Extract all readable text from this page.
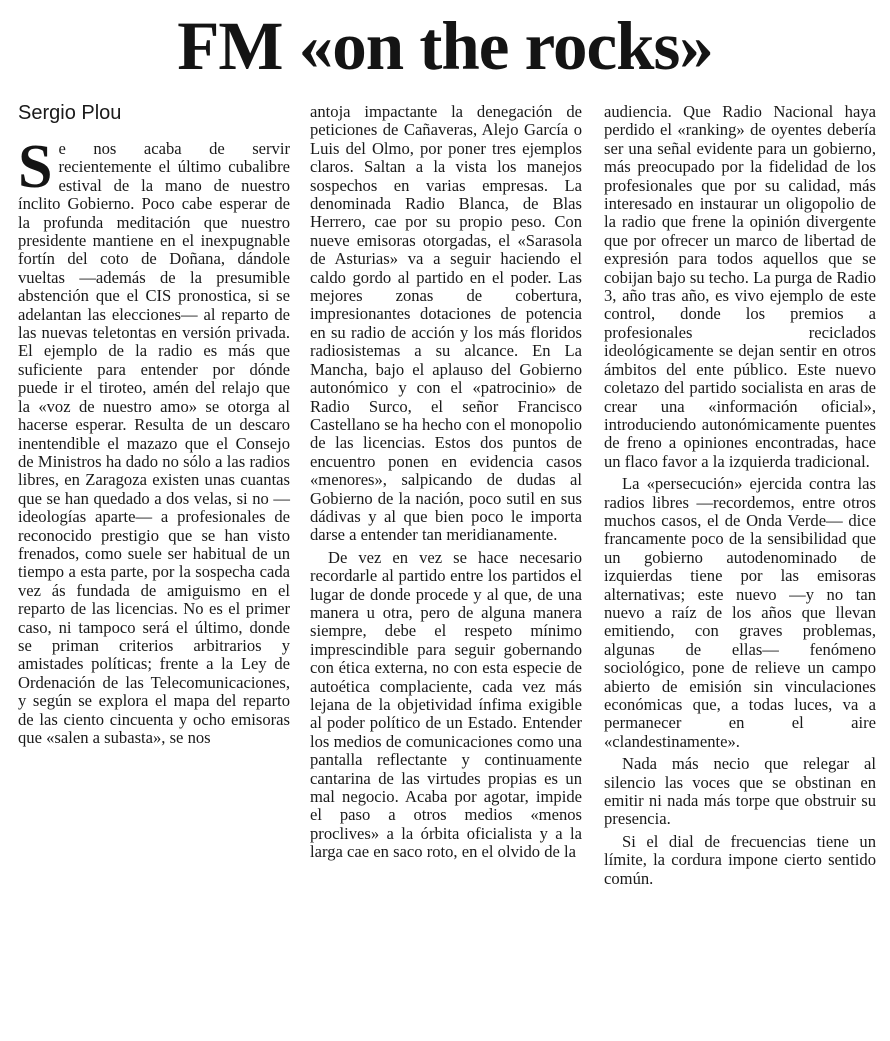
FM «on the rocks»
Sergio Plou

Se nos acaba de servir recientemente el último cubalibre estival de la mano de nuestro ínclito Gobierno. Poco cabe esperar de la profunda meditación que nuestro presidente mantiene en el inexpugnable fortín del coto de Doñana, dándole vueltas —además de la presumible abstención que el CIS pronostica, si se adelantan las elecciones— al reparto de las nuevas teletontas en versión privada. El ejemplo de la radio es más que suficiente para entender por dónde puede ir el tiroteo, amén del relajo que la «voz de nuestro amo» se otorga al hacerse esperar. Resulta de un descaro inentendible el mazazo que el Consejo de Ministros ha dado no sólo a las radios libres, en Zaragoza existen unas cuantas que se han quedado a dos velas, si no —ideologías aparte— a profesionales de reconocido prestigio que se han visto frenados, como suele ser habitual de un tiempo a esta parte, por la sospecha cada vez ás fundada de amiguismo en el reparto de las licencias. No es el primer caso, ni tampoco será el último, donde se priman criterios arbitrarios y amistades políticas; frente a la Ley de Ordenación de las Telecomunicaciones, y según se explora el mapa del reparto de las ciento cincuenta y ocho emisoras que «salen a subasta», se nos

antoja impactante la denegación de peticiones de Cañaveras, Alejo García o Luis del Olmo, por poner tres ejemplos claros. Saltan a la vista los manejos sospechos en varias empresas. La denominada Radio Blanca, de Blas Herrero, cae por su propio peso. Con nueve emisoras otorgadas, el «Sarasola de Asturias» va a seguir haciendo el caldo gordo al partido en el poder. Las mejores zonas de cobertura, impresionantes dotaciones de potencia en su radio de acción y los más floridos radiosistemas a su alcance. En La Mancha, bajo el aplauso del Gobierno autonómico y con el «patrocinio» de Radio Surco, el señor Francisco Castellano se ha hecho con el monopolio de las licencias. Estos dos puntos de encuentro ponen en evidencia casos «menores», salpicando de dudas al Gobierno de la nación, poco sutil en sus dádivas y al que bien poco le importa darse a entender tan meridianamente.

De vez en vez se hace necesario recordarle al partido entre los partidos el lugar de donde procede y al que, de una manera u otra, pero de alguna manera siempre, debe el respeto mínimo imprescindible para seguir gobernando con ética externa, no con esta especie de autoética complaciente, cada vez más lejana de la objetividad ínfima exigible al poder político de un Estado. Entender los medios de comunicaciones como una pantalla reflectante y continuamente cantarina de las virtudes propias es un mal negocio. Acaba por agotar, impide el paso a otros medios «menos proclives» a la órbita oficialista y a la larga cae en saco roto, en el olvido de la

audiencia. Que Radio Nacional haya perdido el «ranking» de oyentes debería ser una señal evidente para un gobierno, más preocupado por la fidelidad de los profesionales que por su calidad, más interesado en instaurar un oligopolio de la radio que frene la opinión divergente que por ofrecer un marco de libertad de expresión para todos aquellos que se cobijan bajo su techo. La purga de Radio 3, año tras año, es vivo ejemplo de este control, donde los premios a profesionales reciclados ideológicamente se dejan sentir en otros ámbitos del ente público. Este nuevo coletazo del partido socialista en aras de crear una «información oficial», introduciendo autonómicamente puentes de freno a opiniones encontradas, hace un flaco favor a la izquierda tradicional.

La «persecución» ejercida contra las radios libres —recordemos, entre otros muchos casos, el de Onda Verde— dice francamente poco de la sensibilidad que un gobierno autodenominado de izquierdas tiene por las emisoras alternativas; este nuevo —y no tan nuevo a raíz de los años que llevan emitiendo, con graves problemas, algunas de ellas— fenómeno sociológico, pone de relieve un campo abierto de emisión sin vinculaciones económicas que, a todas luces, va a permanecer en el aire «clandestinamente».

Nada más necio que relegar al silencio las voces que se obstinan en emitir ni nada más torpe que obstruir su presencia.

Si el dial de frecuencias tiene un límite, la cordura impone cierto sentido común.
